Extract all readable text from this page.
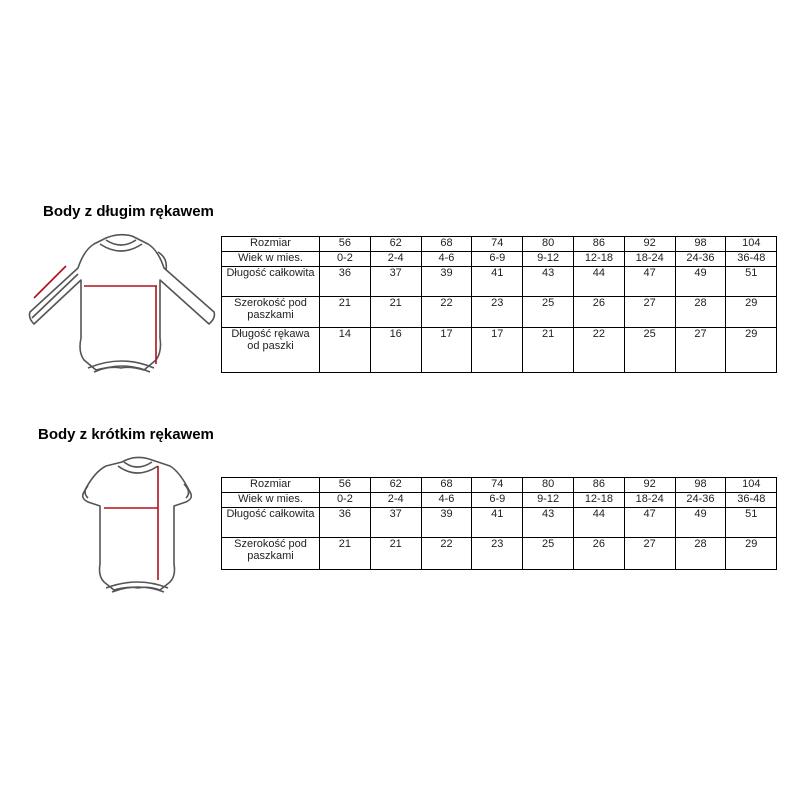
Body z długim rękawem
Rozmiar	56	62	68	74	80	86	92	98	104
Wiek w mies.	0-2	2-4	4-6	6-9	9-12	12-18	18-24	24-36	36-48
Długość całkowita	36	37	39	41	43	44	47	49	51
Szerokość pod paszkami	21	21	22	23	25	26	27	28	29
Długość rękawa od paszki	14	16	17	17	21	22	25	27	29
Body z krótkim rękawem
Rozmiar	56	62	68	74	80	86	92	98	104
Wiek w mies.	0-2	2-4	4-6	6-9	9-12	12-18	18-24	24-36	36-48
Długość całkowita	36	37	39	41	43	44	47	49	51
Szerokość pod paszkami	21	21	22	23	25	26	27	28	29
